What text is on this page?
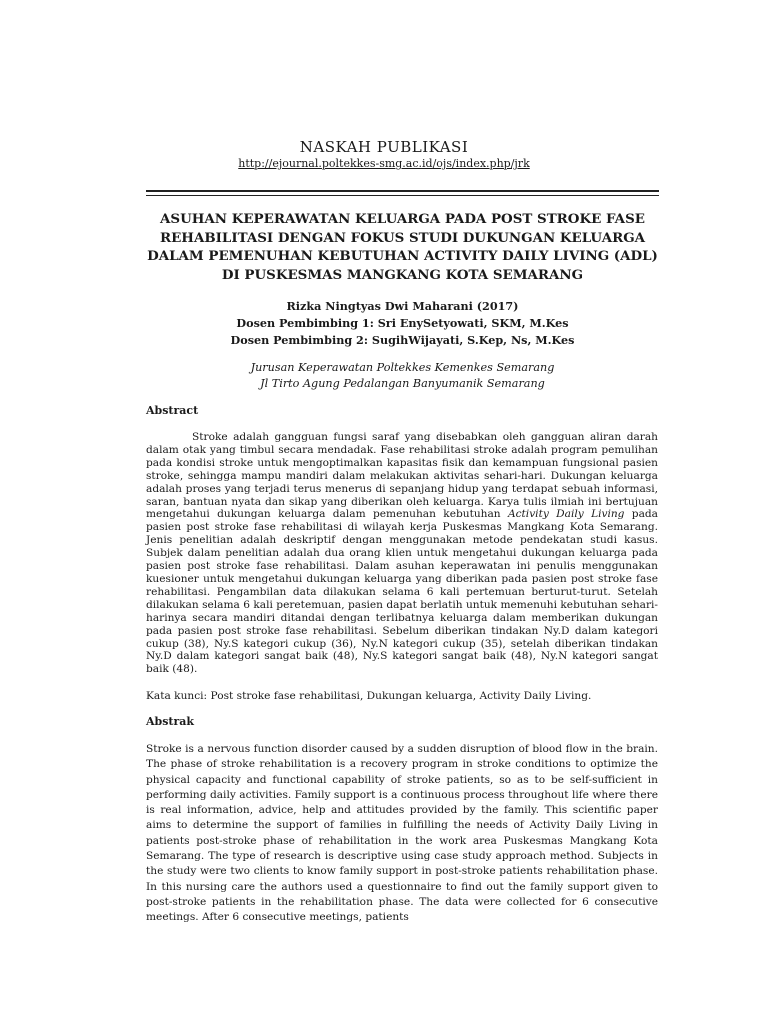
NASKAH PUBLIKASI
http://ejournal.poltekkes-smg.ac.id/ojs/index.php/jrk
ASUHAN KEPERAWATAN KELUARGA PADA POST STROKE FASE REHABILITASI DENGAN FOKUS STUDI DUKUNGAN KELUARGA DALAM PEMENUHAN KEBUTUHAN ACTIVITY DAILY LIVING (ADL) DI PUSKESMAS MANGKANG KOTA SEMARANG
Rizka Ningtyas Dwi Maharani (2017)
Dosen Pembimbing 1: Sri EnySetyowati, SKM, M.Kes
Dosen Pembimbing 2: SugihWijayati, S.Kep, Ns, M.Kes
Jurusan Keperawatan Poltekkes Kemenkes Semarang
Jl Tirto Agung Pedalangan Banyumanik Semarang
Abstract

Stroke adalah gangguan fungsi saraf yang disebabkan oleh gangguan aliran darah dalam otak yang timbul secara mendadak. Fase rehabilitasi stroke adalah program pemulihan pada kondisi stroke untuk mengoptimalkan kapasitas fisik dan kemampuan fungsional pasien stroke, sehingga mampu mandiri dalam melakukan aktivitas sehari-hari. Dukungan keluarga adalah proses yang terjadi terus menerus di sepanjang hidup yang terdapat sebuah informasi, saran, bantuan nyata dan sikap yang diberikan oleh keluarga. Karya tulis ilmiah ini bertujuan mengetahui dukungan keluarga dalam pemenuhan kebutuhan Activity Daily Living pada pasien post stroke fase rehabilitasi di wilayah kerja Puskesmas Mangkang Kota Semarang. Jenis penelitian adalah deskriptif dengan menggunakan metode pendekatan studi kasus. Subjek dalam penelitian adalah dua orang klien untuk mengetahui dukungan keluarga pada pasien post stroke fase rehabilitasi. Dalam asuhan keperawatan ini penulis menggunakan kuesioner untuk mengetahui dukungan keluarga yang diberikan pada pasien post stroke fase rehabilitasi. Pengambilan data dilakukan selama 6 kali pertemuan berturut-turut. Setelah dilakukan selama 6 kali peretemuan, pasien dapat berlatih untuk memenuhi kebutuhan sehari-harinya secara mandiri ditandai dengan terlibatnya keluarga dalam memberikan dukungan pada pasien post stroke fase rehabilitasi. Sebelum diberikan tindakan Ny.D dalam kategori cukup (38), Ny.S kategori cukup (36), Ny.N kategori cukup (35), setelah diberikan tindakan Ny.D dalam kategori sangat baik (48), Ny.S kategori sangat baik (48), Ny.N kategori sangat baik (48).

Kata kunci: Post stroke fase rehabilitasi, Dukungan keluarga, Activity Daily Living.

Abstrak

Stroke is a nervous function disorder caused by a sudden disruption of blood flow in the brain. The phase of stroke rehabilitation is a recovery program in stroke conditions to optimize the physical capacity and functional capability of stroke patients, so as to be self-sufficient in performing daily activities. Family support is a continuous process throughout life where there is real information, advice, help and attitudes provided by the family. This scientific paper aims to determine the support of families in fulfilling the needs of Activity Daily Living in patients post-stroke phase of rehabilitation in the work area Puskesmas Mangkang Kota Semarang. The type of research is descriptive using case study approach method. Subjects in the study were two clients to know family support in post-stroke patients rehabilitation phase. In this nursing care the authors used a questionnaire to find out the family support given to post-stroke patients in the rehabilitation phase. The data were collected for 6 consecutive meetings. After 6 consecutive meetings, patients
